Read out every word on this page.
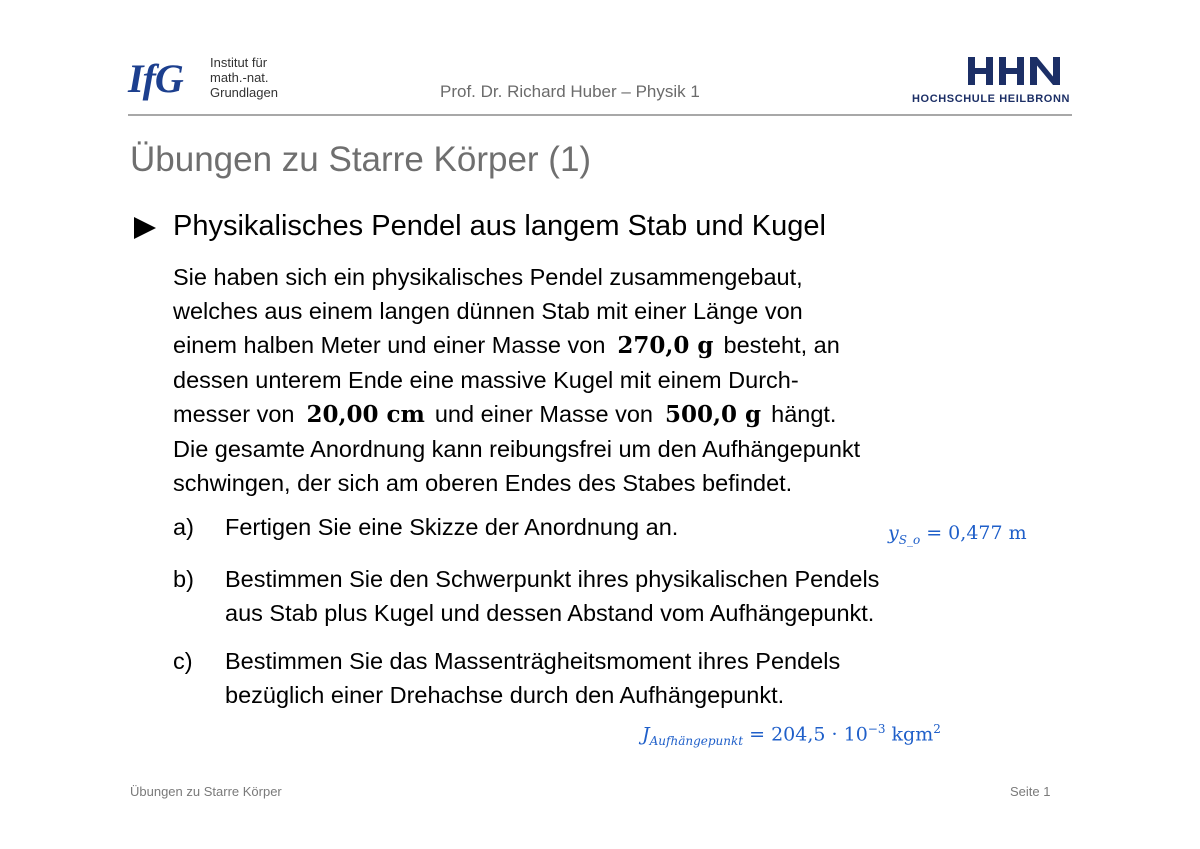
IfG Institut für
math.-nat.
Grundlagen	Prof. Dr. Richard Huber – Physik 1	HOCHSCHULE HEILBRONN
Übungen zu Starre Körper (1)
Physikalisches Pendel aus langem Stab und Kugel
Sie haben sich ein physikalisches Pendel zusammengebaut,
welches aus einem langen dünnen Stab mit einer Länge von
einem halben Meter und einer Masse von 270,0 g besteht, an
dessen unterem Ende eine massive Kugel mit einem Durch-
messer von 20,00 cm und einer Masse von 500,0 g hängt.
Die gesamte Anordnung kann reibungsfrei um den Aufhängepunkt
schwingen, der sich am oberen Endes des Stabes befindet.
a) Fertigen Sie eine Skizze der Anordnung an.
b) Bestimmen Sie den Schwerpunkt ihres physikalischen Pendels
aus Stab plus Kugel und dessen Abstand vom Aufhängepunkt.
c) Bestimmen Sie das Massenträgheitsmoment ihres Pendels
bezüglich einer Drehachse durch den Aufhängepunkt.
$y_{S\_o} = 0,477$ m
$J_{Aufhängepunkt} = 204,5 \cdot 10^{-3}$ kgm$^2$
Übungen zu Starre Körper	Seite 1
